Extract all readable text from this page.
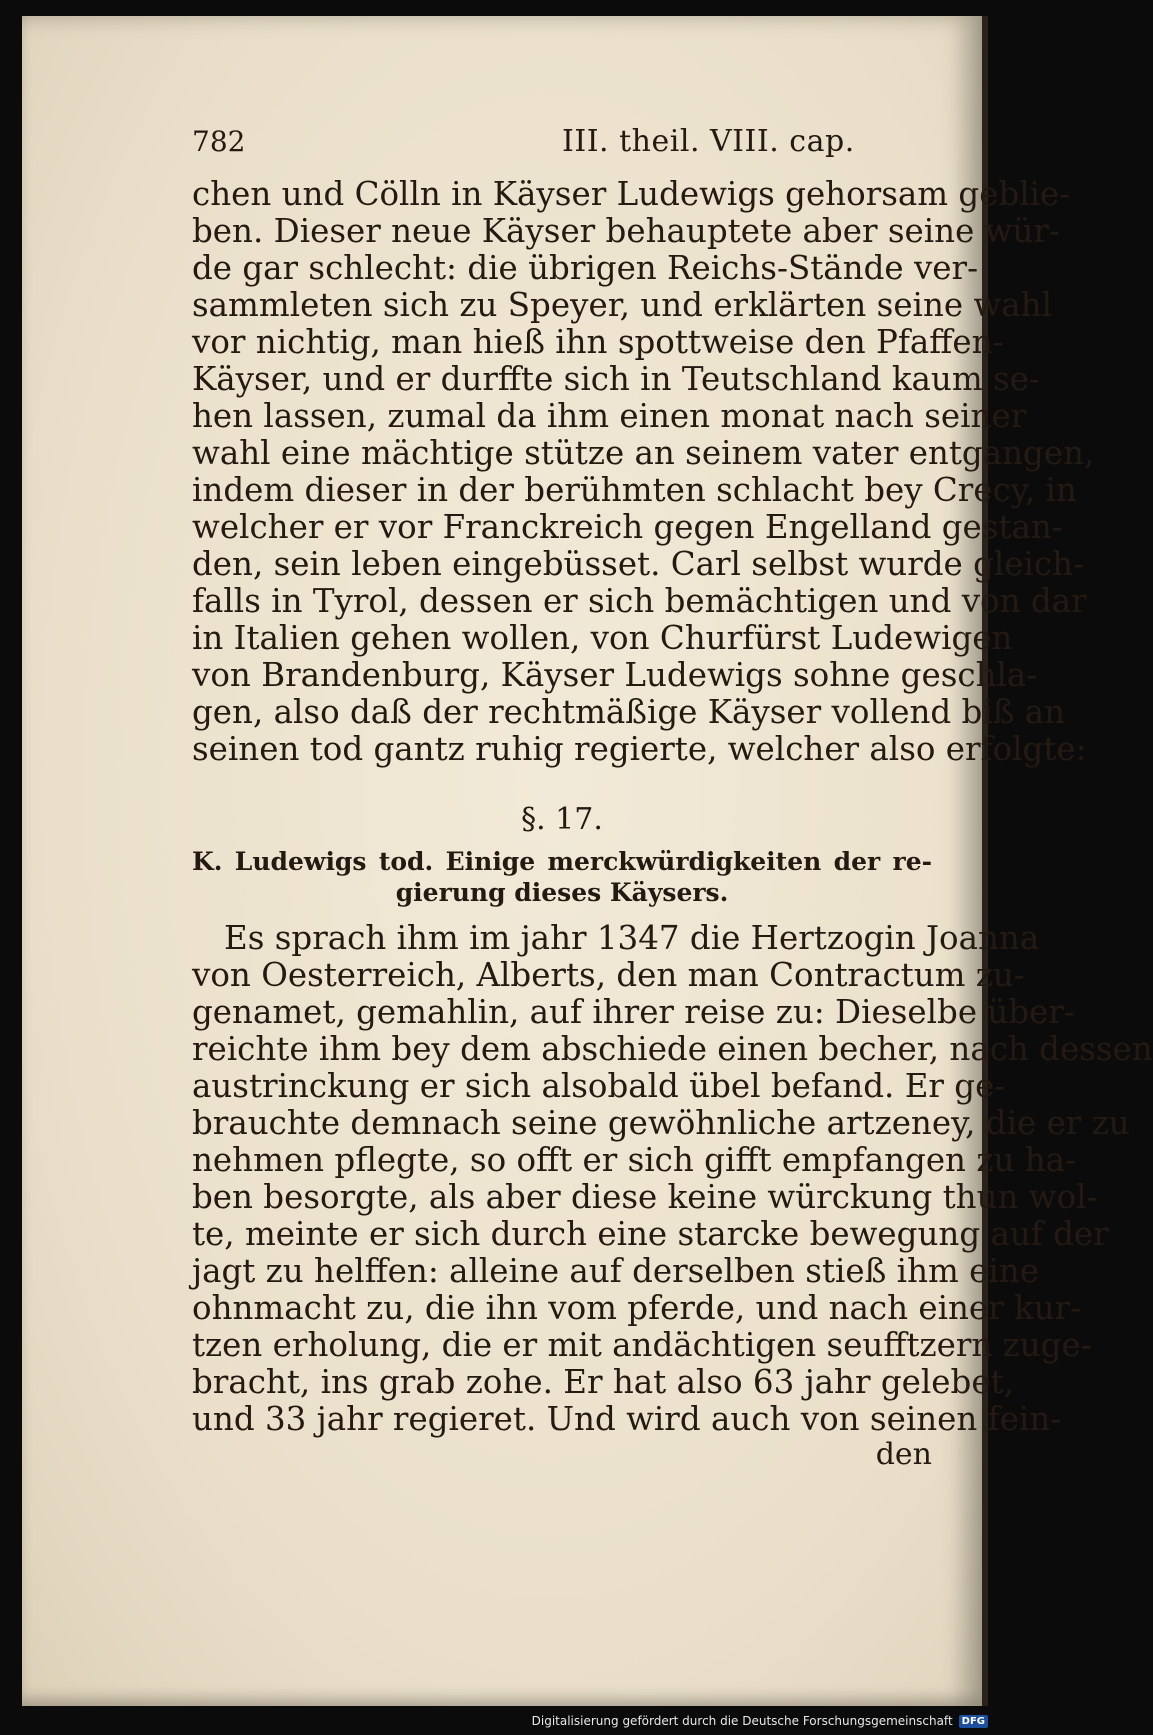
782	III. theil. VIII. cap.
chen und Cölln in Käyser Ludewigs gehorsam geblie-
ben. Dieser neue Käyser behauptete aber seine wür-
de gar schlecht: die übrigen Reichs-Stände ver-
sammleten sich zu Speyer, und erklärten seine wahl
vor nichtig, man hieß ihn spottweise den Pfaffen-
Käyser, und er durffte sich in Teutschland kaum se-
hen lassen, zumal da ihm einen monat nach seiner
wahl eine mächtige stütze an seinem vater entgangen,
indem dieser in der berühmten schlacht bey Crecy, in
welcher er vor Franckreich gegen Engelland gestan-
den, sein leben eingebüsset. Carl selbst wurde gleich-
falls in Tyrol, dessen er sich bemächtigen und von dar
in Italien gehen wollen, von Churfürst Ludewigen
von Brandenburg, Käyser Ludewigs sohne geschla-
gen, also daß der rechtmäßige Käyser vollend biß an
seinen tod gantz ruhig regierte, welcher also erfolgte:
§. 17.
K. Ludewigs tod. Einige merckwürdigkeiten der re-
gierung dieses Käysers.
Es sprach ihm im jahr 1347 die Hertzogin Joanna
von Oesterreich, Alberts, den man Contractum zu-
genamet, gemahlin, auf ihrer reise zu: Dieselbe über-
reichte ihm bey dem abschiede einen becher, nach dessen
austrinckung er sich alsobald übel befand. Er ge-
brauchte demnach seine gewöhnliche artzeney, die er zu
nehmen pflegte, so offt er sich gifft empfangen zu ha-
ben besorgte, als aber diese keine würckung thun wol-
te, meinte er sich durch eine starcke bewegung auf der
jagt zu helffen: alleine auf derselben stieß ihm eine
ohnmacht zu, die ihn vom pferde, und nach einer kur-
tzen erholung, die er mit andächtigen seufftzern zuge-
bracht, ins grab zohe. Er hat also 63 jahr gelebet,
und 33 jahr regieret. Und wird auch von seinen fein-
den
Digitalisierung gefördert durch die Deutsche Forschungsgemeinschaft DFG
